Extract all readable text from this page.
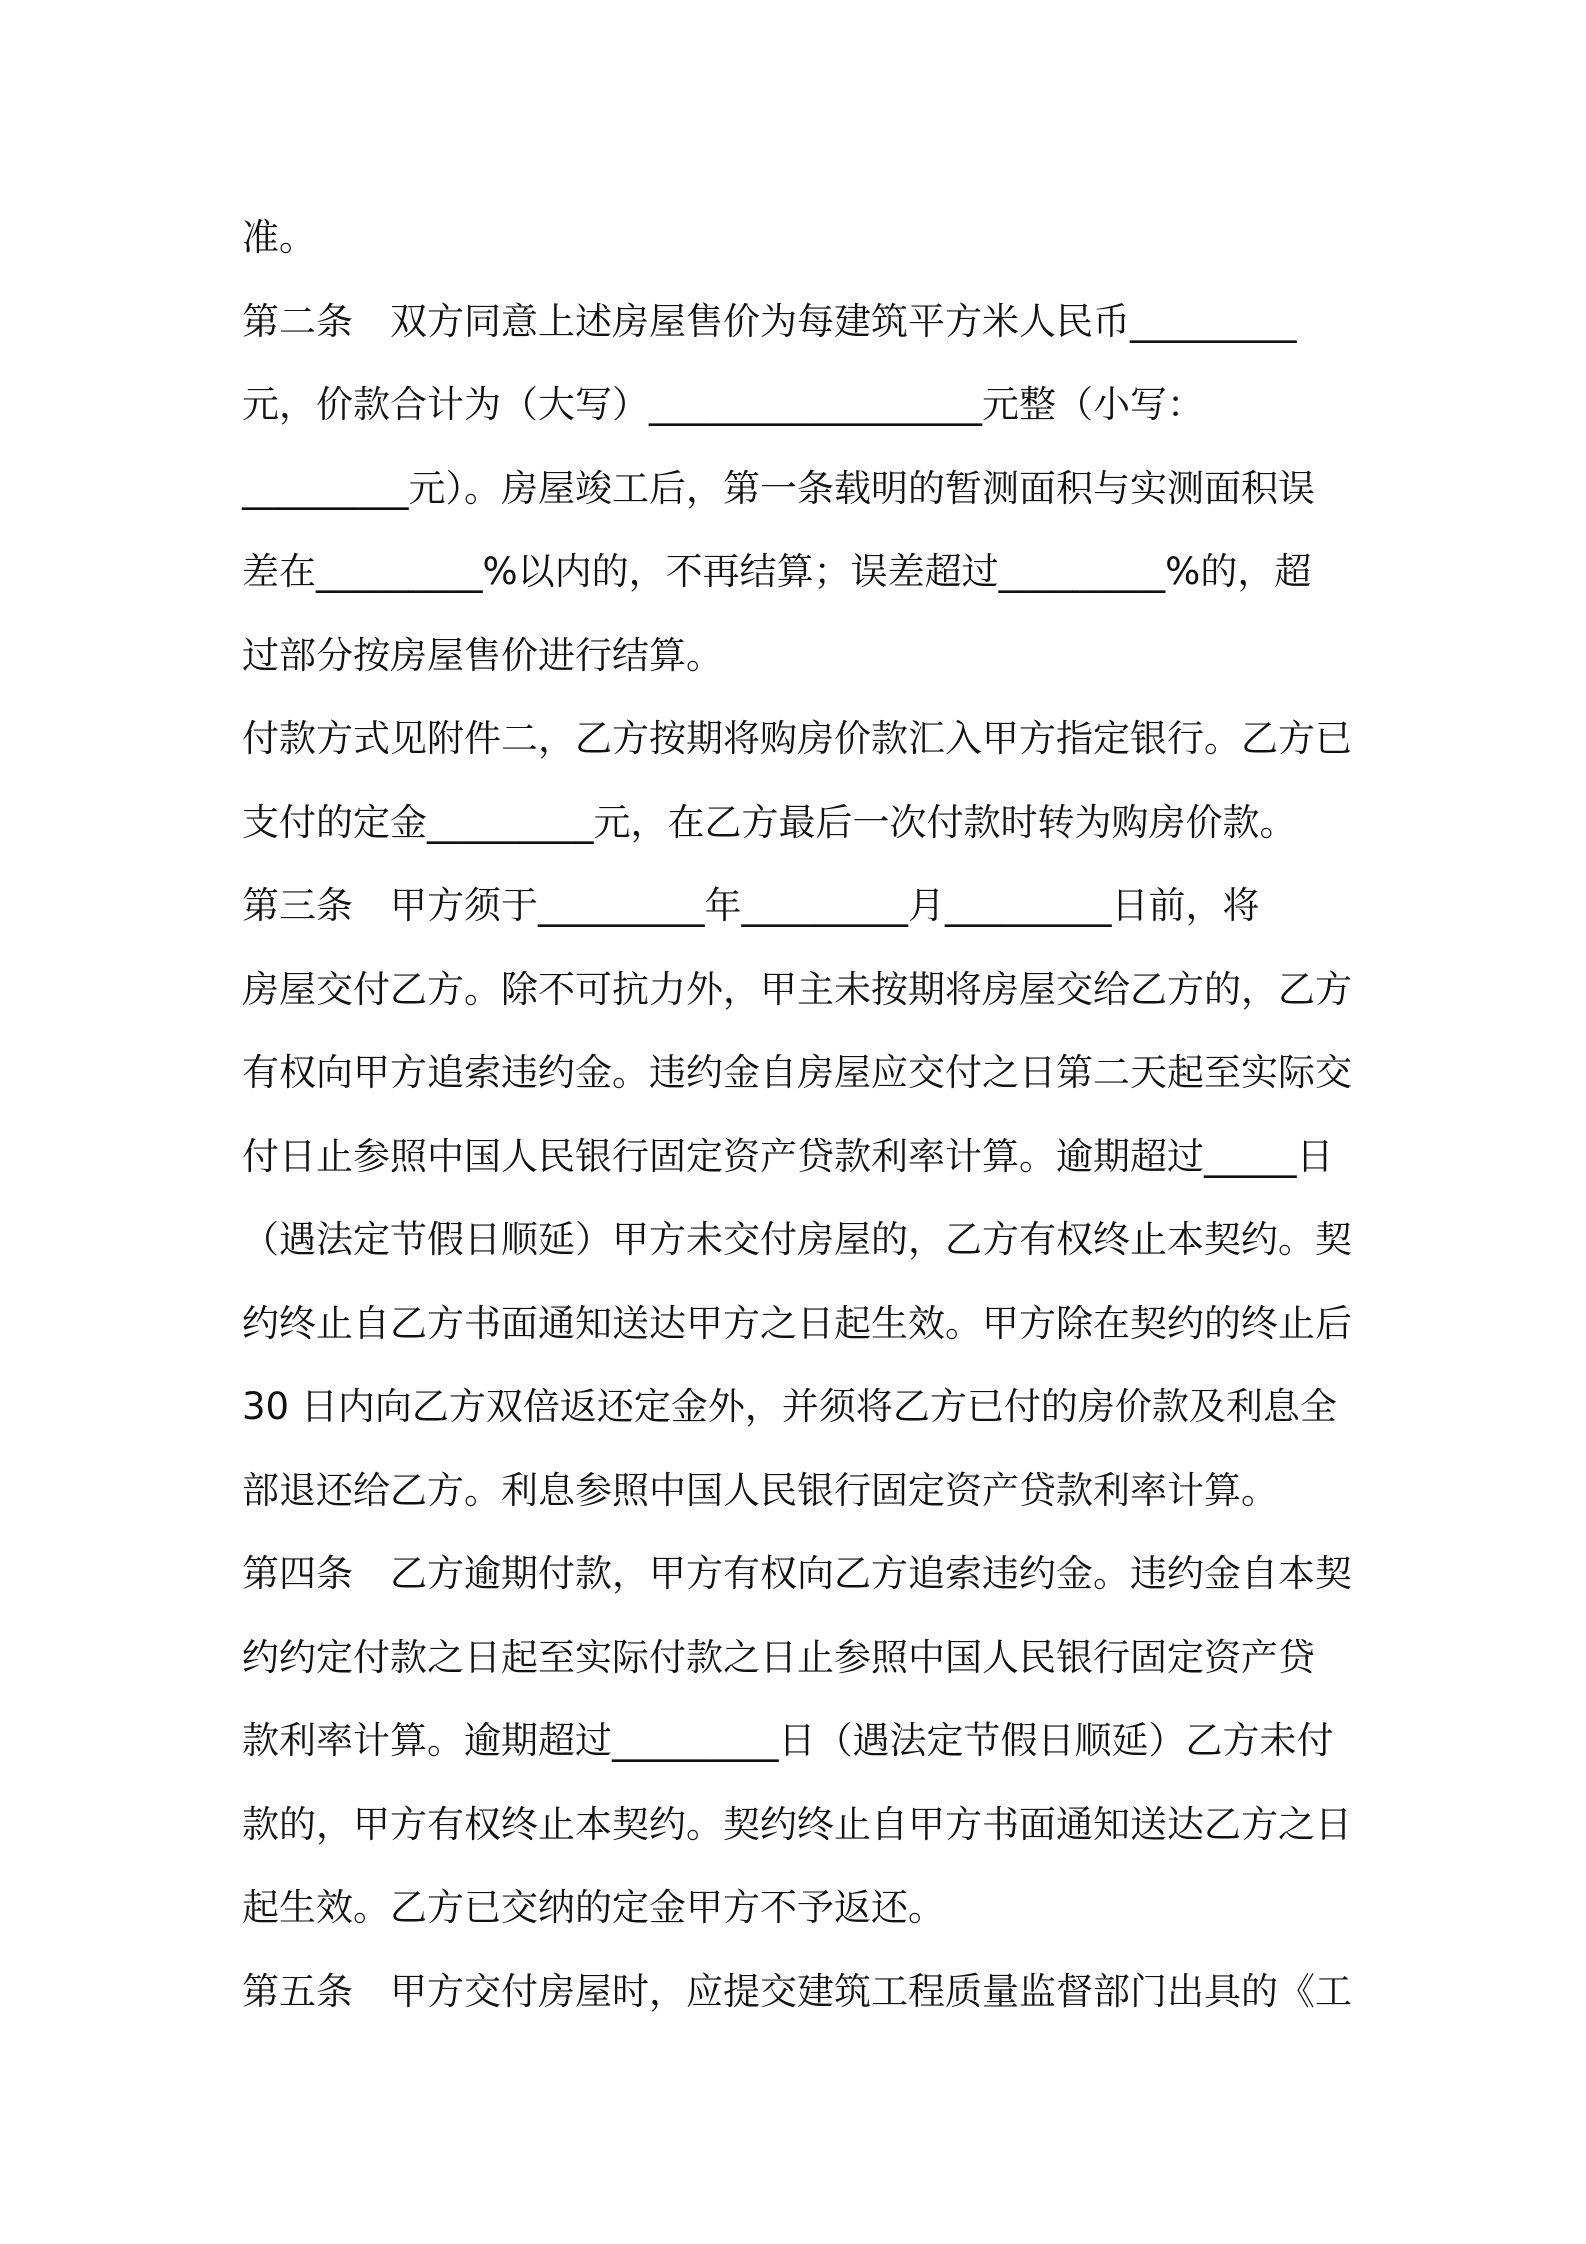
准。
第二条　双方同意上述房屋售价为每建筑平方米人民币_________
元，价款合计为（大写）__________________元整（小写：
_________元）。房屋竣工后，第一条载明的暂测面积与实测面积误
差在_________%以内的，不再结算；误差超过_________%的，超
过部分按房屋售价进行结算。
付款方式见附件二，乙方按期将购房价款汇入甲方指定银行。乙方已
支付的定金_________元，在乙方最后一次付款时转为购房价款。
第三条　甲方须于_________年_________月_________日前，将
房屋交付乙方。除不可抗力外，甲主未按期将房屋交给乙方的，乙方
有权向甲方追索违约金。违约金自房屋应交付之日第二天起至实际交
付日止参照中国人民银行固定资产贷款利率计算。逾期超过_____日
（遇法定节假日顺延）甲方未交付房屋的，乙方有权终止本契约。契
约终止自乙方书面通知送达甲方之日起生效。甲方除在契约的终止后
30 日内向乙方双倍返还定金外，并须将乙方已付的房价款及利息全
部退还给乙方。利息参照中国人民银行固定资产贷款利率计算。
第四条　乙方逾期付款，甲方有权向乙方追索违约金。违约金自本契
约约定付款之日起至实际付款之日止参照中国人民银行固定资产贷
款利率计算。逾期超过_________日（遇法定节假日顺延）乙方未付
款的，甲方有权终止本契约。契约终止自甲方书面通知送达乙方之日
起生效。乙方已交纳的定金甲方不予返还。
第五条　甲方交付房屋时，应提交建筑工程质量监督部门出具的《工
